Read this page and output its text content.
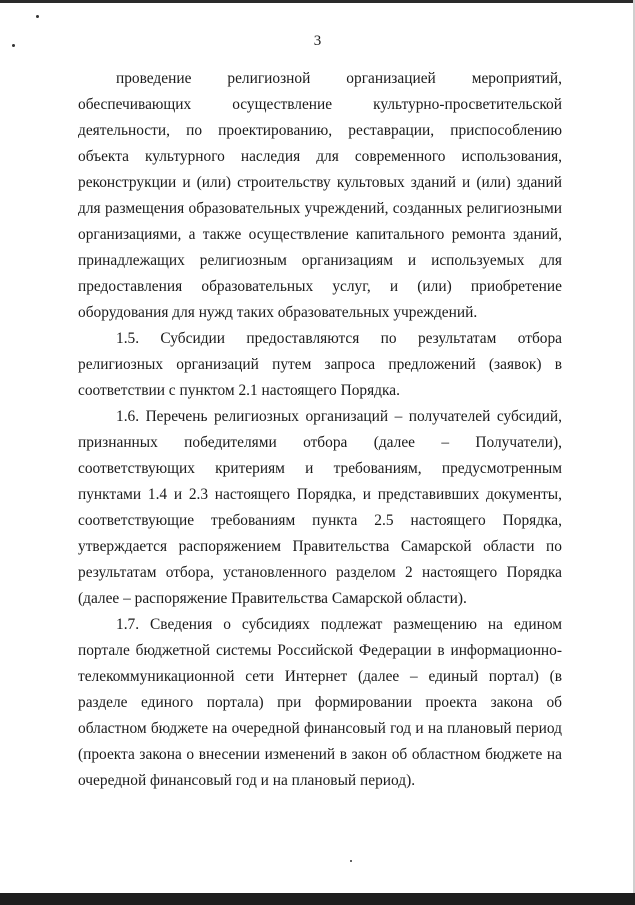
3

проведение религиозной организацией мероприятий, обеспечивающих осуществление культурно-просветительской деятельности, по проектированию, реставрации, приспособлению объекта культурного наследия для современного использования, реконструкции и (или) строительству культовых зданий и (или) зданий для размещения образовательных учреждений, созданных религиозными организациями, а также осуществление капитального ремонта зданий, принадлежащих религиозным организациям и используемых для предоставления образовательных услуг, и (или) приобретение оборудования для нужд таких образовательных учреждений.

1.5. Субсидии предоставляются по результатам отбора религиозных организаций путем запроса предложений (заявок) в соответствии с пунктом 2.1 настоящего Порядка.

1.6. Перечень религиозных организаций – получателей субсидий, признанных победителями отбора (далее – Получатели), соответствующих критериям и требованиям, предусмотренным пунктами 1.4 и 2.3 настоящего Порядка, и представивших документы, соответствующие требованиям пункта 2.5 настоящего Порядка, утверждается распоряжением Правительства Самарской области по результатам отбора, установленного разделом 2 настоящего Порядка (далее – распоряжение Правительства Самарской области).

1.7. Сведения о субсидиях подлежат размещению на едином портале бюджетной системы Российской Федерации в информационно-телекоммуникационной сети Интернет (далее – единый портал) (в разделе единого портала) при формировании проекта закона об областном бюджете на очередной финансовый год и на плановый период (проекта закона о внесении изменений в закон об областном бюджете на очередной финансовый год и на плановый период).
